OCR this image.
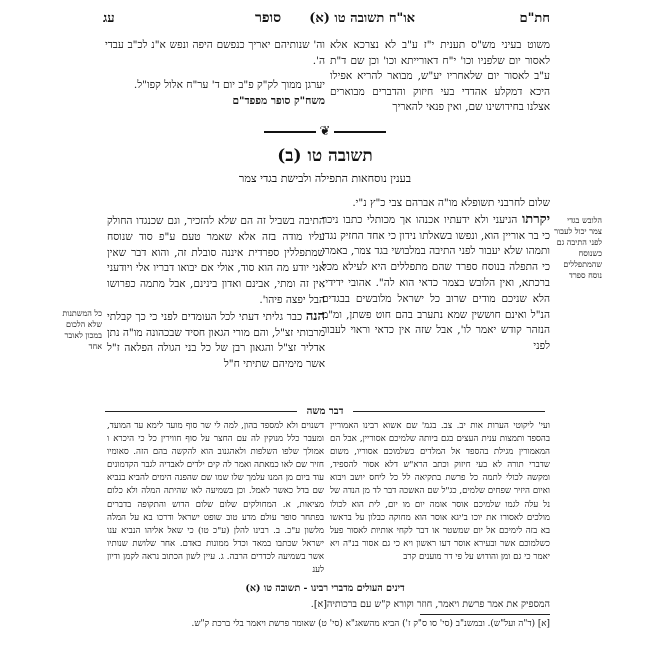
חת"ם
או"ח תשובה טו (א)
סופר
עג
משוט בעיני מש"ס תענית י"ז ע"ב לא נצרכא אלא לאסור יום שלפניו וכו' י"ח דאורייתא וכו' וכן שם ד"ת ע"ב לאסור יום שלאחריו יע"ש, מבואר להריא אפילו היכא דמקלע אהדדי בעי חיזוק והדברים מבוארים אצלנו בחידושינו שם, ואין פנאי להאריך
וה' שנותיהם יאריך כנפשם היפה ונפש א"נ לכ"ב עבדי ה'.
יערגן ממוך לק"ק פ"ב יום ד' ער"ח אלול קפו"ל.
משח"ק סופר מפפד"ם
❦
תשובה טו (ב)
בענין נוסחאות התפילה ולבישת בגדי צמר
שלום לחרבני תשופלא מו"ה אברהם צבי כ"ץ נ"י.
יקרתו הגיעני ולא ידעתיו אכנהו אך מכותלי כתבו ניכר כי בר אוריין הוא, ונפשו בשאלתו נידון כי אחד החזיק נגדו ותמהו שלא יעבור לפני התיבה במלבושי בגד צמר, באמרו כי התפלה בנוסח ספרד שהם מתפללים היא לעילא מכל ברכתא, ואין הלובש בצמר כדאי הוא לה". אהובי ידידי, הלא שניכם מודים שרוב כל ישראל מלובשים בבגדים הנ"ל ואינם חוששין שמא נתערב בהם חוט פשתן, ומ"מ הנזהר קודש יאמר לו', אבל שזה אין כדאי וראוי לעבור לפני
הלובש בגדי צמר יכול לעבור לפני התיבה גם כשנוסח שהמתפללים נוסח ספרד
התיבה בשביל זה הם שלא להזכיר, וגם שכנגדו החולק עליו מודה בזה אלא שאמר טעם ע"פ סוד שנוסח שמתפללין ספרדית איננה סובלת זה, והוא דבר שאין אני יודע מה הוא סוד, אולי אם יבואו דבריו אלי ויודעני אין זה ומתי, אבינם ואדון בינינם, אבל מתמה כפרושו הבל יפצה פיהו'.
הנה כבר גליתי דעתי לכל העומדים לפני כי כך קבלתי מרבותי זצ"ל, והם מורי הגאון חסיד שבכהונה מו"ה נתן אדליר זצ"ל והגאון רבן של כל בני הגולה הפלאה ז"ל אשר מימיהם שתיתי ח"ל
כל המשתנות שלא הלכום במכון לאובר אחד
דבר משה
ועי' ליקוטי הערות אות יב. צב. בגמ' שם אשוא רבינו האמוריין בהספד ותמצות ענית העצים בגם ביותה שלמיכם אסוריין, אבל הם המאמורין מגילת בהספד אל המלדים כשלמוכם אסוריו, משום שדברי תורה לא בעי חיזוק וכתב הרא"ש דלא אסור להספיד, ומקשה לכולי לתמה כל פרשת בתקיאה לל כל ליחס יושב ויבוא ואיום היזיר שפחים שלמים, כג"ל שם האשכה דבר לד מן הנדה של נל עלה לגמו שלמיכם אוסר אומה יום מו יום, לית הוא לכולו מולכים לאסורו את יוכו ב'יגא אוסר הוא מחוקה כבלון על בראשו בא בזה לימיכם אל יום שמשטר או דבר לקחי אותיות לאסור פעל כשלמוכם אשר ובעירא אוסר דעו ראשון ויא כי גם אסור בנ"ה ויא יאמר כי גם ומן והודוש על פי דר מוענים קרב
דשנוים ולא למספד בהון, למה לי שר סוף מועד לימא עד המועד, ומעבר כלל מנוקין לה עם החצר על סוף חווירין כל כי היכרא ו אמולך שלפו השלפות ולאהגנוב הוא להקשה בהם הזה. סאומיו חזיר שם לאו כמאתה ואמר לה קים ילדים לאבדיה לגבר הקדמונים עוד ביום מן המנו עלמך שלו שמו שם שהפנה הימים להביא בנביא שם בדל כאשר לאמל. וכן בשמיעה לאו שהיתה המלה ולא כלום מציאות, א. המחולקים שלום שלום הדוש והתקופה בדברים בפתחר סופר עולם מדע טוב שופט ישראל ודרכו בא על המלה מלשון ע"כ. ב. רבינו להלן (ע"כ טו) כי שאל אליהו הנביא ענו ישראל שכתבו במאד וכדל ממונות כאדם. אחר שלושת שנותיו אשר בשמיעה לכדרים הרבה. ג. עיין לשון הכתוב נראה לקמן ודיון לענ
דינים העולים מדברי רבינו - תשובה טו (א)
המספיק את אמר פרשת ויאמר, חוזר וקורא ק"ש עם ברכותיה[א].
[א] (ד"ה ועל"ש). ובמשנ"ב (סי' סו ס"ק ז') הביא מהשאג"א (סי' ט) שאומר פרשת ויאמר בלי ברכת ק"ש.
